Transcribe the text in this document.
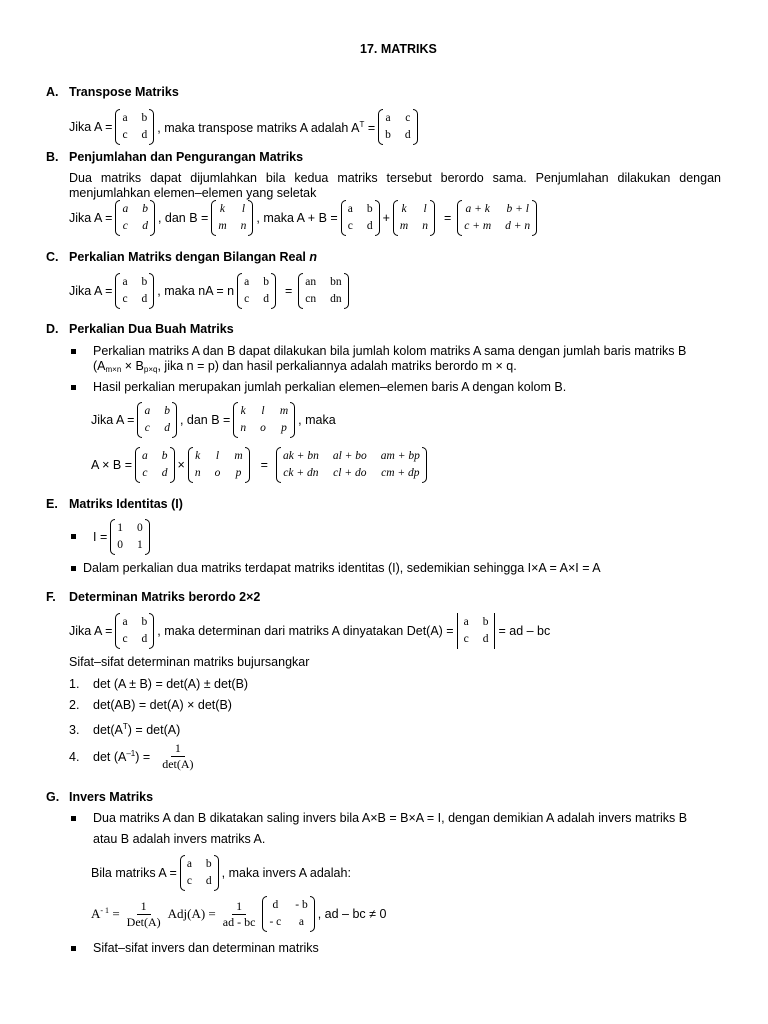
17. MATRIKS
A. Transpose Matriks
Jika A =
a b
c d
, maka transpose matriks A adalah $A^T$ =
a c
b d
B. Penjumlahan dan Pengurangan Matriks
Dua matriks dapat dijumlahkan bila kedua matriks tersebut berordo sama. Penjumlahan dilakukan dengan menjumlahkan elemen–elemen yang seletak
Jika A =
a b
c d
, dan B =
k l
m n
, maka A + B =
a b
c d
+
k l
m n
=
a + k b + l
c + m d + n
C. Perkalian Matriks dengan Bilangan Real n
Jika A =
a b
c d
, maka nA = n
a b
c d
=
an bn
cn dn
D. Perkalian Dua Buah Matriks
Perkalian matriks A dan B dapat dilakukan bila jumlah kolom matriks A sama dengan jumlah baris matriks B
($A_{m\times n} \times B_{p\times q}$, jika n = p) dan hasil perkaliannya adalah matriks berordo m × q.
Hasil perkalian merupakan jumlah perkalian elemen–elemen baris A dengan kolom B.
Jika A =
a b
c d
, dan B =
k l m
n o p
, maka
A × B =
a b
c d
×
k l m
n o p
=
ak + bn al + bo am + bp
ck + dn cl + do cm + dp
E. Matriks Identitas (I)
I =
1 0
0 1
Dalam perkalian dua matriks terdapat matriks identitas (I), sedemikian sehingga I×A = A×I = A
F. Determinan Matriks berordo 2×2
Jika A =
a b
c d
, maka determinan dari matriks A dinyatakan Det(A) =
a b
c d
= ad – bc
Sifat–sifat determinan matriks bujursangkar
1. det (A ± B) = det(A) ± det(B)
2. det(AB) = det(A) × det(B)
3. $\det(A^T) = \det(A)$
4.	$\det (A^{-1}) = \frac{1}{\det(A)}$
G. Invers Matriks
Dua matriks A dan B dikatakan saling invers bila A×B = B×A = I, dengan demikian A adalah invers matriks B
atau B adalah invers matriks A.
Bila matriks A =
a b
c d
, maka invers A adalah:
$A^{- 1} = \frac{1}{\text{Det(A)}} Adj(A) = \frac{1}{ad - bc}$ d - b
- c	a
, ad – bc ≠ 0
Sifat–sifat invers dan determinan matriks
